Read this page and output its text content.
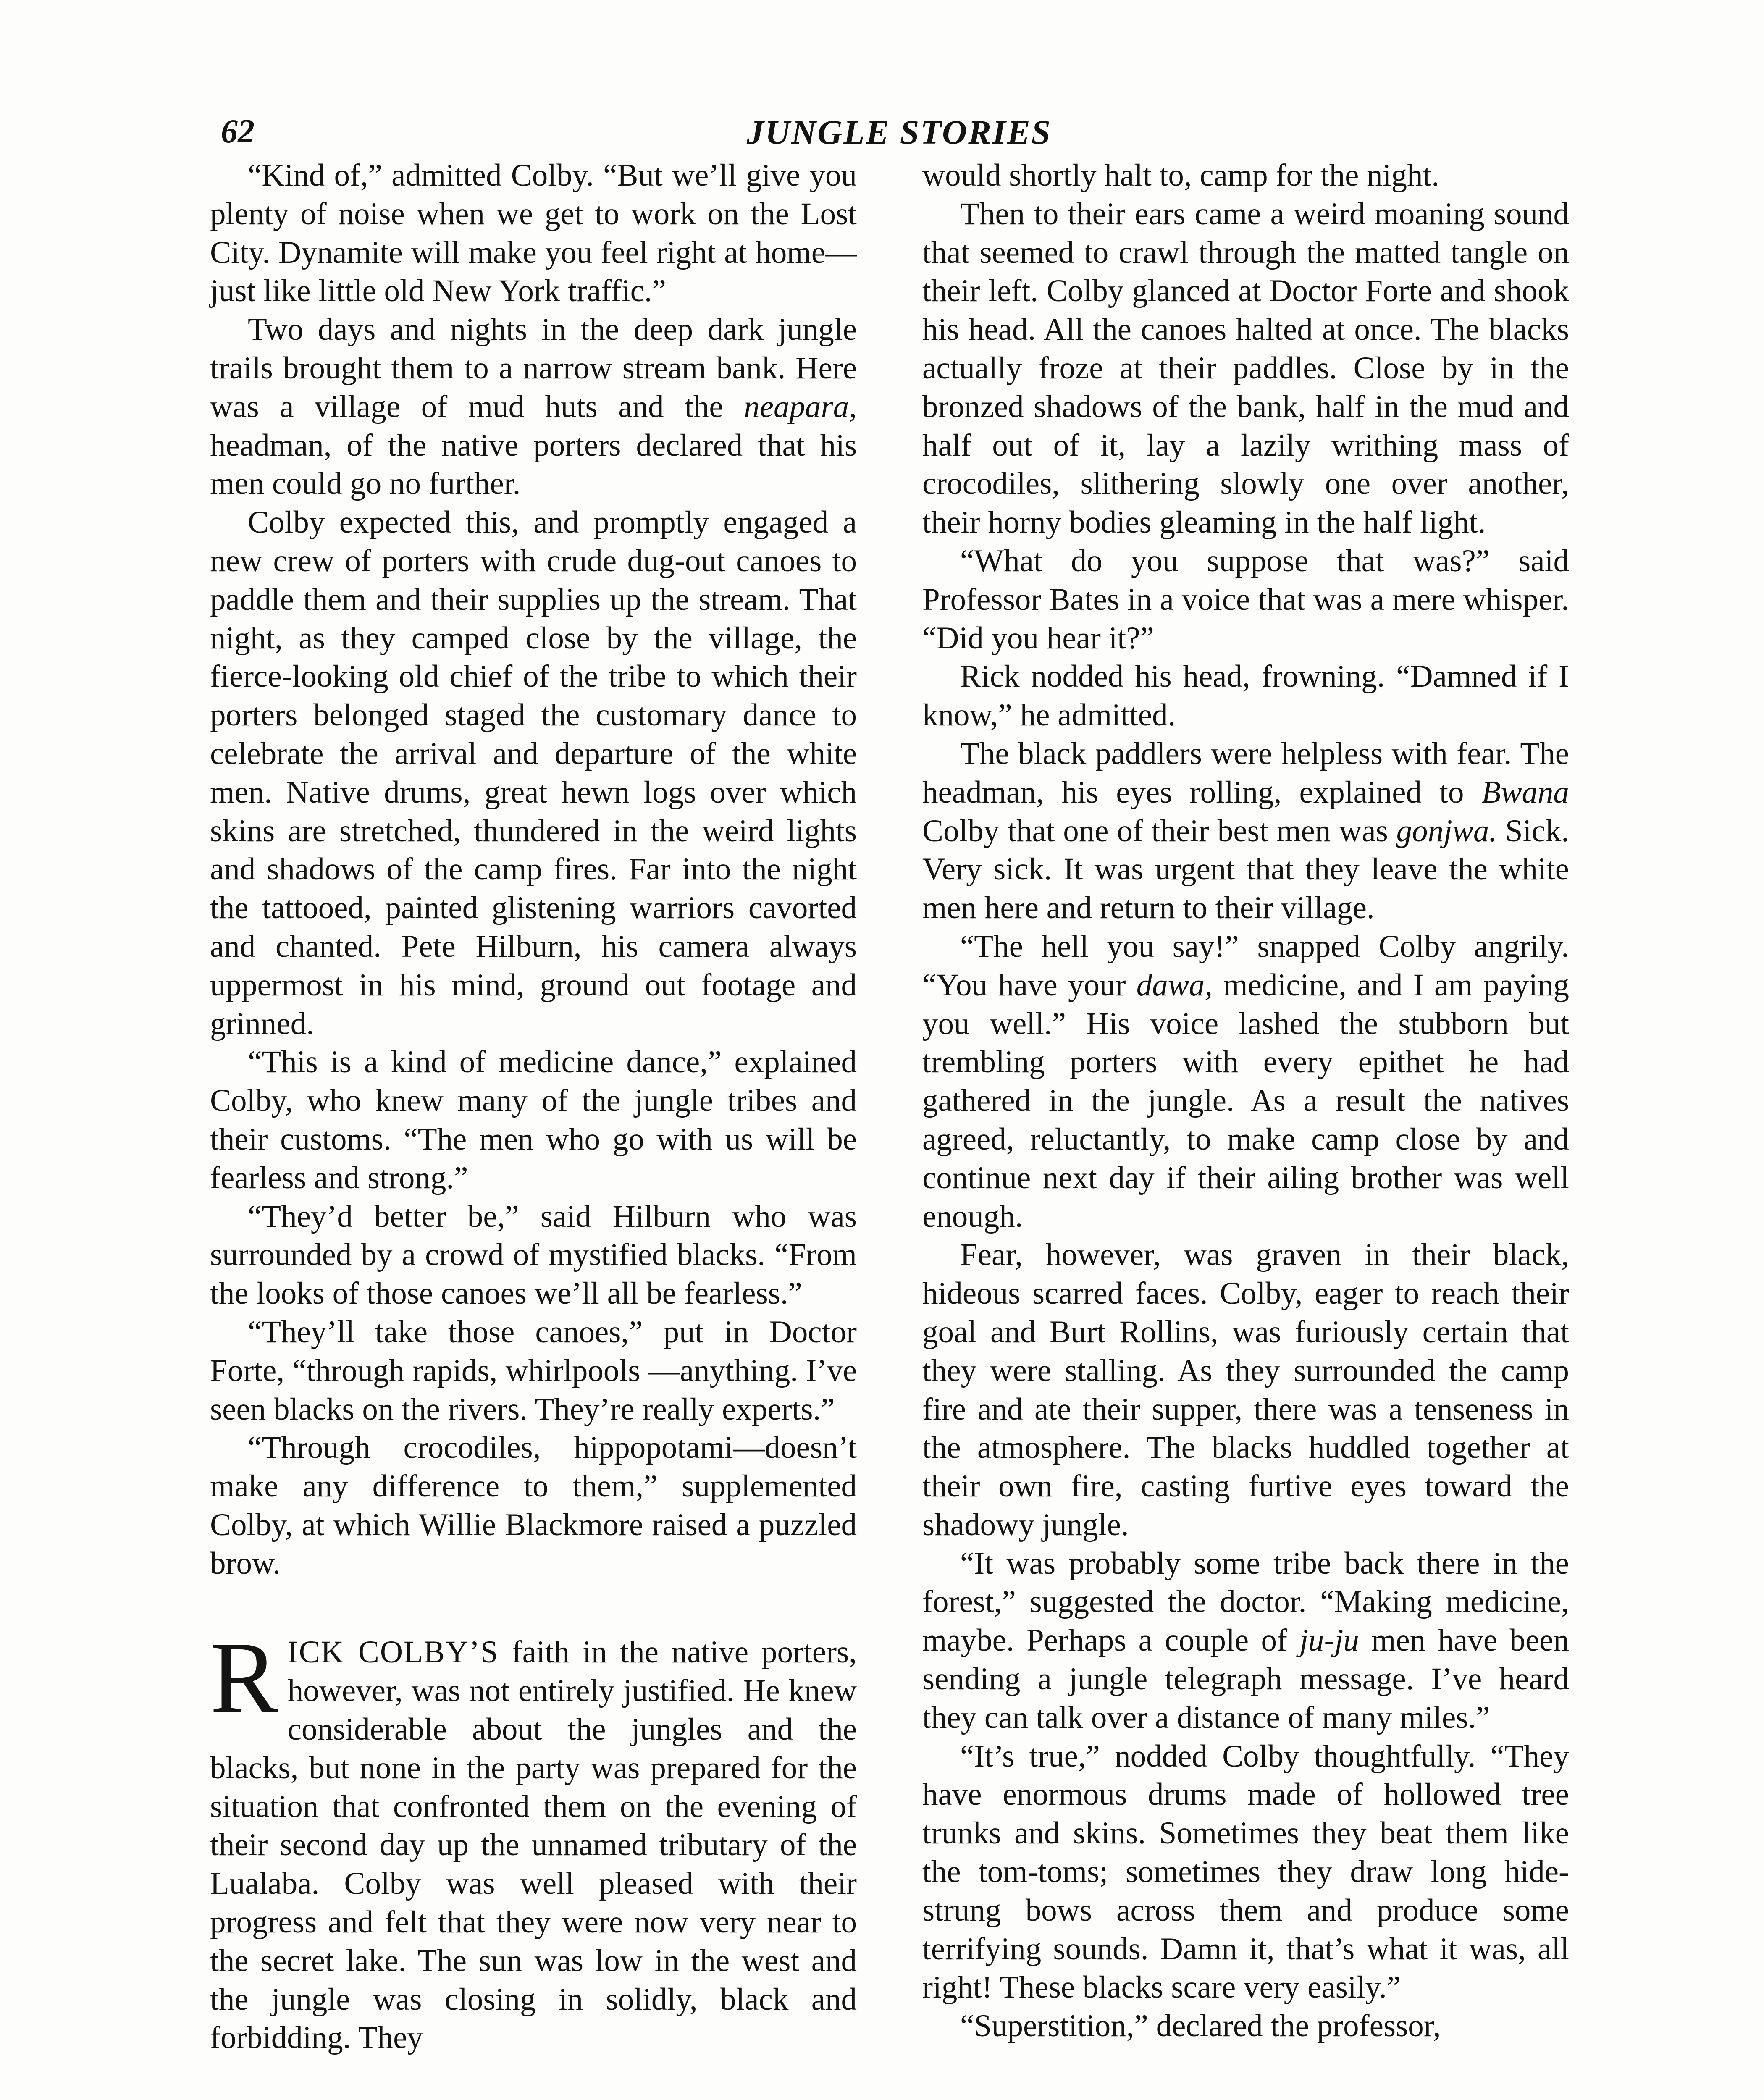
62	JUNGLE STORIES

“Kind of,” admitted Colby. “But we’ll give you plenty of noise when we get to work on the Lost City. Dynamite will make you feel right at home—just like little old New York traffic.”

Two days and nights in the deep dark jungle trails brought them to a narrow stream bank. Here was a village of mud huts and the neapara, headman, of the native porters declared that his men could go no further.

Colby expected this, and promptly engaged a new crew of porters with crude dug-out canoes to paddle them and their supplies up the stream. That night, as they camped close by the village, the fierce-looking old chief of the tribe to which their porters belonged staged the customary dance to celebrate the arrival and departure of the white men. Native drums, great hewn logs over which skins are stretched, thundered in the weird lights and shadows of the camp fires. Far into the night the tattooed, painted glistening warriors cavorted and chanted. Pete Hilburn, his camera always uppermost in his mind, ground out footage and grinned.

“This is a kind of medicine dance,” explained Colby, who knew many of the jungle tribes and their customs. “The men who go with us will be fearless and strong.”

“They’d better be,” said Hilburn who was surrounded by a crowd of mystified blacks. “From the looks of those canoes we’ll all be fearless.”

“They’ll take those canoes,” put in Doctor Forte, “through rapids, whirlpools —anything. I’ve seen blacks on the rivers. They’re really experts.”

“Through crocodiles, hippopotami—doesn’t make any difference to them,” supplemented Colby, at which Willie Blackmore raised a puzzled brow.

RICK COLBY’S faith in the native porters, however, was not entirely justified. He knew considerable about the jungles and the blacks, but none in the party was prepared for the situation that confronted them on the evening of their second day up the unnamed tributary of the Lualaba. Colby was well pleased with their progress and felt that they were now very near to the secret lake. The sun was low in the west and the jungle was closing in solidly, black and forbidding. They

would shortly halt to, camp for the night.

Then to their ears came a weird moaning sound that seemed to crawl through the matted tangle on their left. Colby glanced at Doctor Forte and shook his head. All the canoes halted at once. The blacks actually froze at their paddles. Close by in the bronzed shadows of the bank, half in the mud and half out of it, lay a lazily writhing mass of crocodiles, slithering slowly one over another, their horny bodies gleaming in the half light.

“What do you suppose that was?” said Professor Bates in a voice that was a mere whisper. “Did you hear it?”

Rick nodded his head, frowning. “Damned if I know,” he admitted.

The black paddlers were helpless with fear. The headman, his eyes rolling, explained to Bwana Colby that one of their best men was gonjwa. Sick. Very sick. It was urgent that they leave the white men here and return to their village.

“The hell you say!” snapped Colby angrily. “You have your dawa, medicine, and I am paying you well.” His voice lashed the stubborn but trembling porters with every epithet he had gathered in the jungle. As a result the natives agreed, reluctantly, to make camp close by and continue next day if their ailing brother was well enough.

Fear, however, was graven in their black, hideous scarred faces. Colby, eager to reach their goal and Burt Rollins, was furiously certain that they were stalling. As they surrounded the camp fire and ate their supper, there was a tenseness in the atmosphere. The blacks huddled together at their own fire, casting furtive eyes toward the shadowy jungle.

“It was probably some tribe back there in the forest,” suggested the doctor. “Making medicine, maybe. Perhaps a couple of ju-ju men have been sending a jungle telegraph message. I’ve heard they can talk over a distance of many miles.”

“It’s true,” nodded Colby thoughtfully. “They have enormous drums made of hollowed tree trunks and skins. Sometimes they beat them like the tom-toms; sometimes they draw long hide-strung bows across them and produce some terrifying sounds. Damn it, that’s what it was, all right! These blacks scare very easily.”

“Superstition,” declared the professor,
